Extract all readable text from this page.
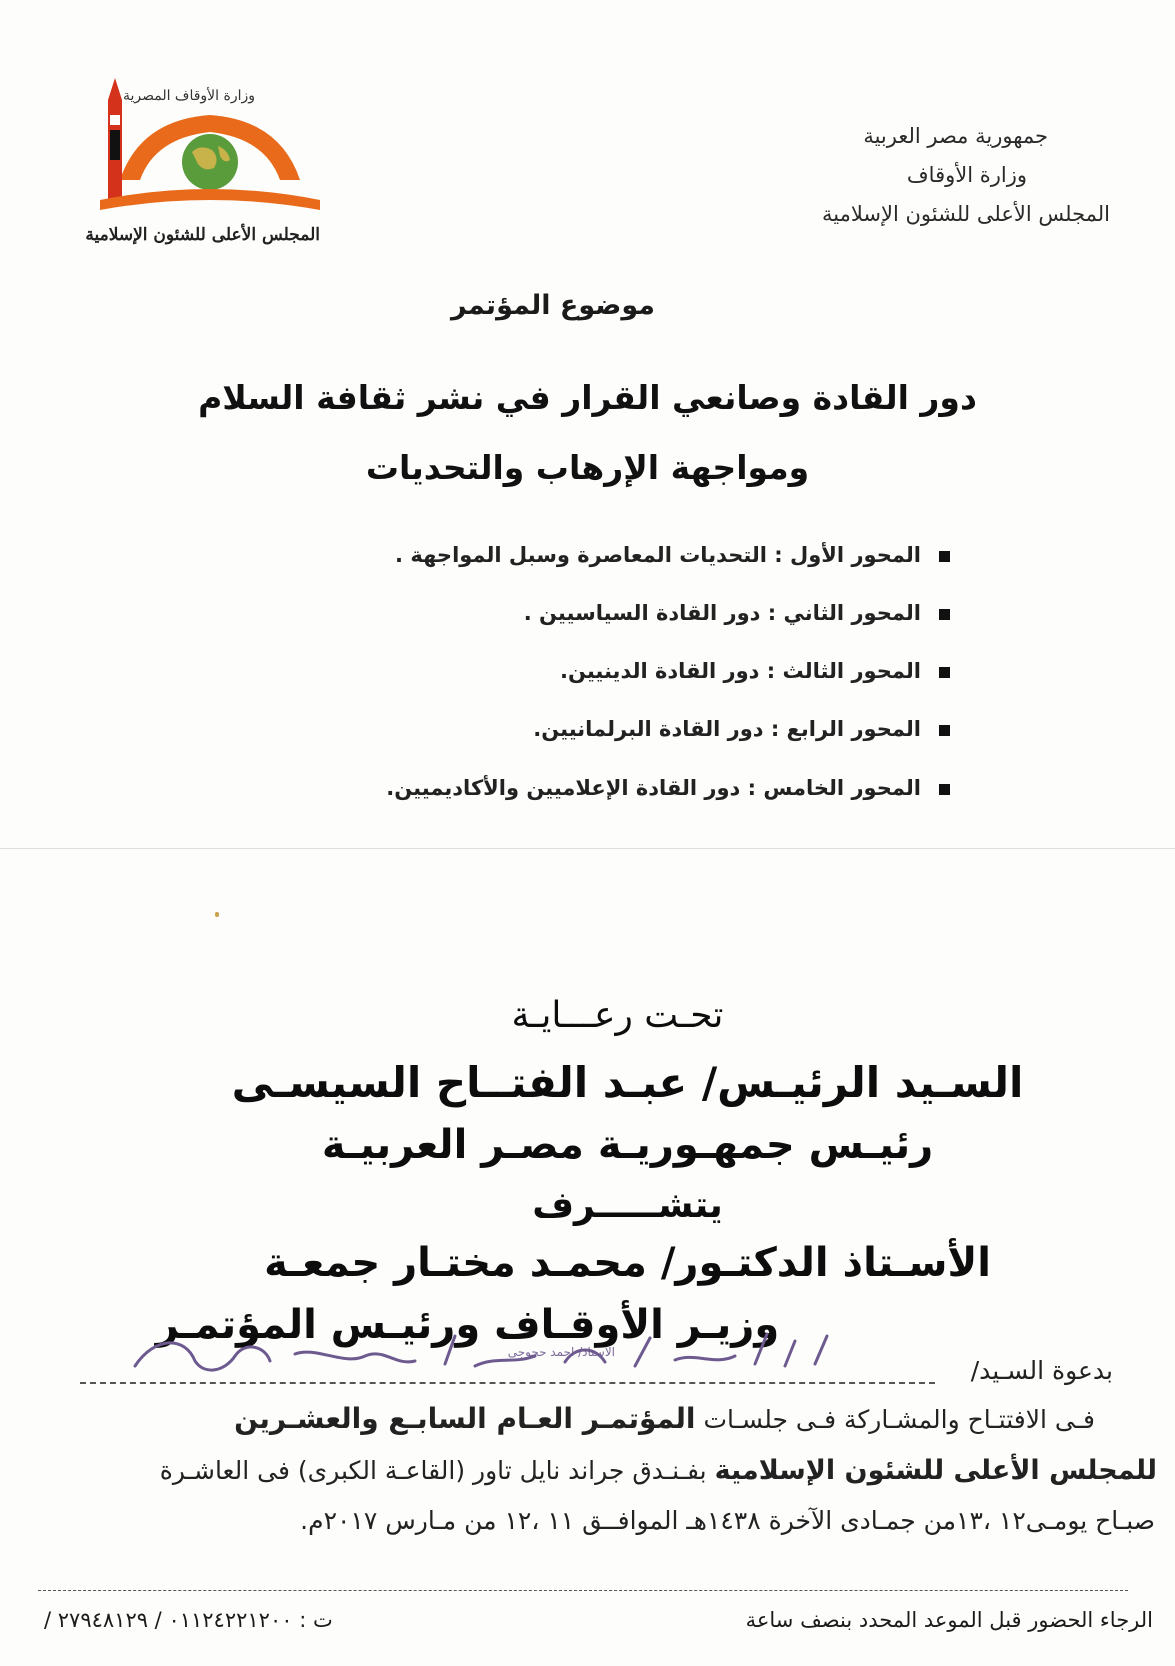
وزارة الأوقاف المصرية
المجلس الأعلى للشئون الإسلامية
جمهورية مصر العربية
وزارة الأوقاف
المجلس الأعلى للشئون الإسلامية
موضوع المؤتمر
دور القادة وصانعي القرار في نشر ثقافة السلام
ومواجهة الإرهاب والتحديات
المحور الأول : التحديات المعاصرة وسبل المواجهة .
المحور الثاني : دور القادة السياسيين .
المحور الثالث : دور القادة الدينيين.
المحور الرابع : دور القادة البرلمانيين.
المحور الخامس : دور القادة الإعلاميين والأكاديميين.
تحـت رعـــايـة
السـيد الرئيـس/ عبـد الفتــاح السيسـى
رئيـس جمهـوريـة مصـر العربيـة
يتشـــــرف
الأسـتاذ الدكتـور/ محمـد مختـار جمعـة
وزيـر الأوقـاف ورئيـس المؤتمـر
بدعوة السـيد/
الاستاذ/ احمد حجوجى
فـى الافتتـاح والمشـاركة فـى جلسـات المؤتمـر العـام السابـع والعشـرين
للمجلس الأعلى للشئون الإسلامية بفـنـدق جراند نايل تاور (القاعـة الكبرى) فى العاشـرة
صبـاح يومـى١٢ ،١٣من جمـادى الآخرة ١٤٣٨هـ الموافــق ١١ ،١٢ من مـارس ٢٠١٧م.
الرجاء الحضور قبل الموعد المحدد بنصف ساعة
ت : ٠١١٢٤٢٢١٢٠٠ / ٢٧٩٤٨١٢٩ /
